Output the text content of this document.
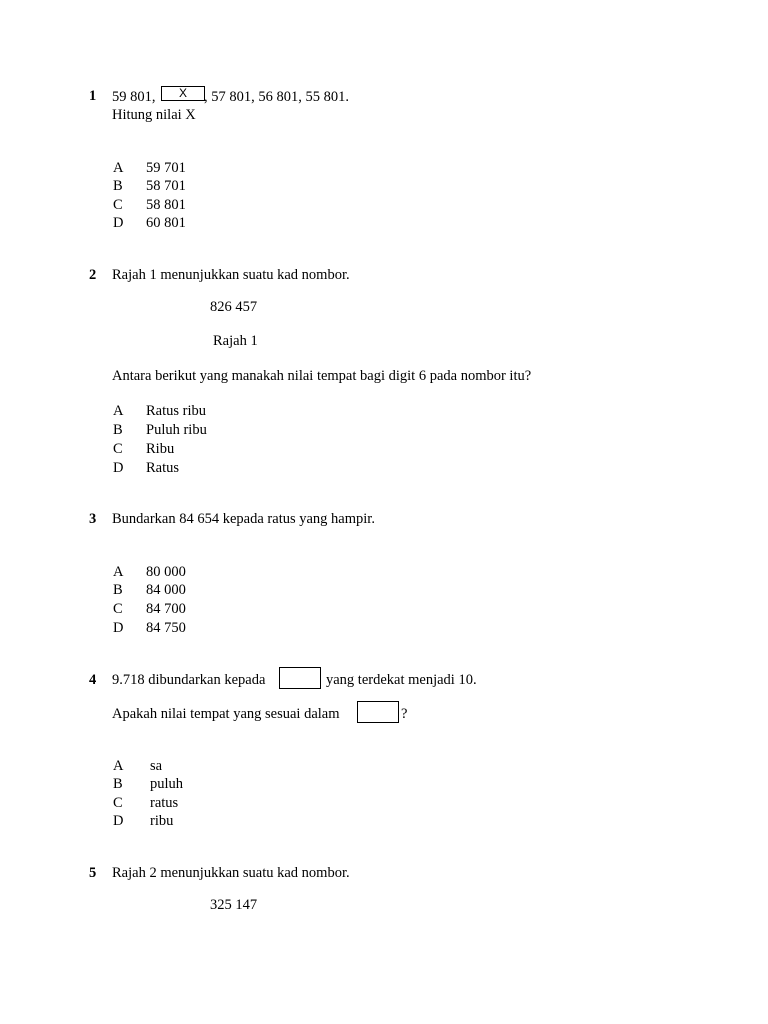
1 59 801,	X	, 57 801, 56 801, 55 801.
Hitung nilai X
A 59 701
B 58 701
C 58 801
D 60 801
2 Rajah 1 menunjukkan suatu kad nombor.
826 457
Rajah 1
Antara berikut yang manakah nilai tempat bagi digit 6 pada nombor itu?
A Ratus ribu
B Puluh ribu
C Ribu
D Ratus
3 Bundarkan 84 654 kepada ratus yang hampir.
A 80 000
B 84 000
C 84 700
D 84 750
4 9.718 dibundarkan kepada	yang terdekat menjadi 10.
Apakah nilai tempat yang sesuai dalam	?
A sa
B puluh
C ratus
D ribu
5 Rajah 2 menunjukkan suatu kad nombor.
325 147
